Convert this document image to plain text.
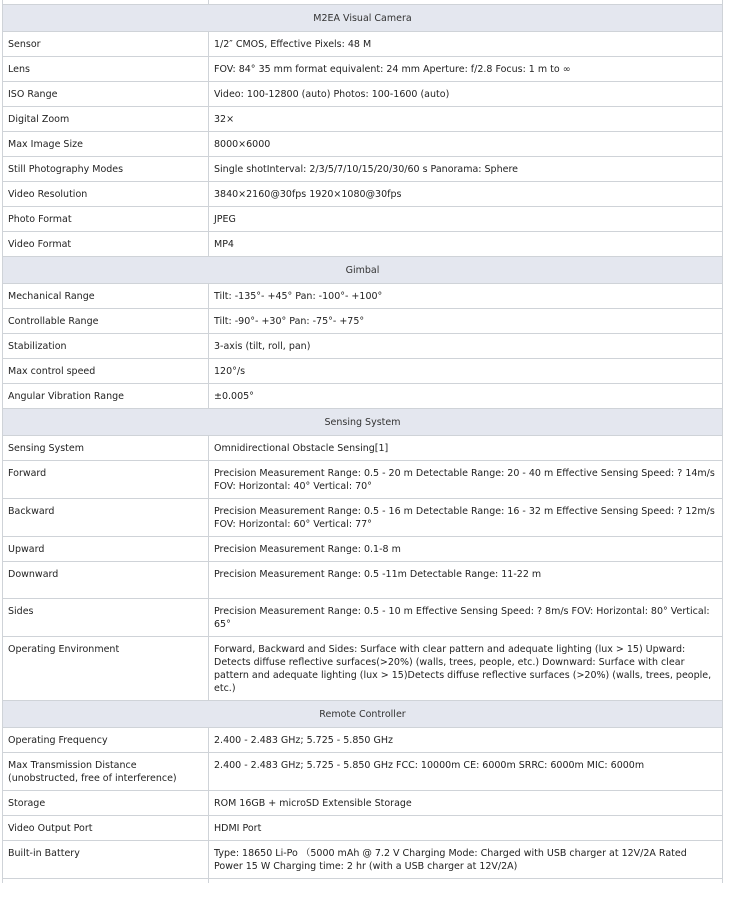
M2EA Visual Camera	
Sensor	1/2″ CMOS, Effective Pixels: 48 M
Lens	FOV: 84° 35 mm format equivalent: 24 mm Aperture: f/2.8 Focus: 1 m to ∞
ISO Range	Video: 100-12800 (auto) Photos: 100-1600 (auto)
Digital Zoom	32×
Max Image Size	8000×6000
Still Photography Modes	Single shotInterval: 2/3/5/7/10/15/20/30/60 s Panorama: Sphere
Video Resolution	3840×2160@30fps 1920×1080@30fps
Photo Format	JPEG
Video Format	MP4
Gimbal	
Mechanical Range	Tilt: -135°- +45° Pan: -100°- +100°
Controllable Range	Tilt: -90°- +30° Pan: -75°- +75°
Stabilization	3-axis (tilt, roll, pan)
Max control speed	120°/s
Angular Vibration Range	±0.005°
Sensing System	
Sensing System	Omnidirectional Obstacle Sensing[1]
Forward	Precision Measurement Range: 0.5 - 20 m Detectable Range: 20 - 40 m Effective Sensing Speed: ? 14m/s FOV: Horizontal: 40° Vertical: 70°
Backward	Precision Measurement Range: 0.5 - 16 m Detectable Range: 16 - 32 m Effective Sensing Speed: ? 12m/s FOV: Horizontal: 60° Vertical: 77°
Upward	Precision Measurement Range: 0.1-8 m
Downward	Precision Measurement Range: 0.5 -11m Detectable Range: 11-22 m
Sides	Precision Measurement Range: 0.5 - 10 m Effective Sensing Speed: ? 8m/s FOV: Horizontal: 80° Vertical: 65°
Operating Environment	Forward, Backward and Sides: Surface with clear pattern and adequate lighting (lux > 15) Upward: Detects diffuse reflective surfaces(>20%) (walls, trees, people, etc.) Downward: Surface with clear pattern and adequate lighting (lux > 15)Detects diffuse reflective surfaces (>20%) (walls, trees, people, etc.)
Remote Controller	
Operating Frequency	2.400 - 2.483 GHz; 5.725 - 5.850 GHz
Max Transmission Distance (unobstructed, free of interference)	2.400 - 2.483 GHz; 5.725 - 5.850 GHz FCC: 10000m CE: 6000m SRRC: 6000m MIC: 6000m
Storage	ROM 16GB + microSD Extensible Storage
Video Output Port	HDMI Port
Built-in Battery	Type: 18650 Li-Po （5000 mAh @ 7.2 V Charging Mode: Charged with USB charger at 12V/2A Rated Power 15 W Charging time: 2 hr (with a USB charger at 12V/2A)
